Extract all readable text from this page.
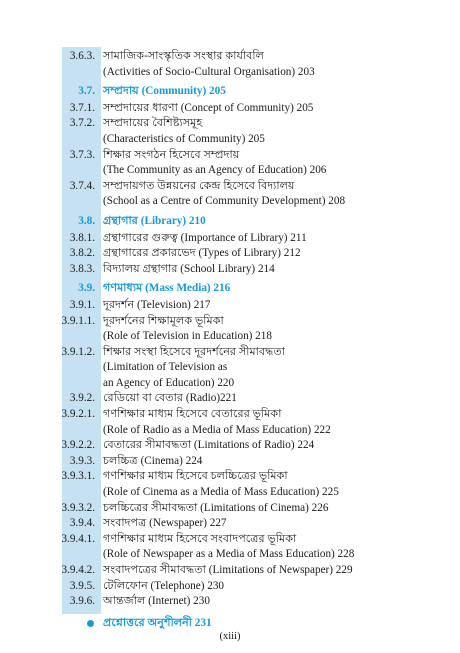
3.6.3. সামাজিক-সাংস্কৃতিক সংস্থার কার্যাবলি
(Activities of Socio-Cultural Organisation) 203
3.7. সম্প্রদায় (Community) 205
3.7.1. সম্প্রদায়ের ধারণা (Concept of Community) 205
3.7.2. সম্প্রদায়ের বৈশিষ্ট্যসমূহ
(Characteristics of Community) 205
3.7.3. শিক্ষার সংগঠন হিসেবে সম্প্রদায়
(The Community as an Agency of Education) 206
3.7.4. সম্প্রদায়গত উন্নয়নের কেন্দ্র হিসেবে বিদ্যালয়
(School as a Centre of Community Development) 208
3.8. গ্রন্থাগার (Library) 210
3.8.1. গ্রন্থাগারের গুরুত্ব (Importance of Library) 211
3.8.2. গ্রন্থাগারের প্রকারভেদ (Types of Library) 212
3.8.3. বিদ্যালয় গ্রন্থাগার (School Library) 214
3.9. গণমাধ্যম (Mass Media) 216
3.9.1. দূরদর্শন (Television) 217
3.9.1.1. দূরদর্শনের শিক্ষামূলক ভূমিকা
(Role of Television in Education) 218
3.9.1.2. শিক্ষার সংস্থা হিসেবে দূরদর্শনের সীমাবদ্ধতা
(Limitation of Television as
an Agency of Education) 220
3.9.2. রেডিয়ো বা বেতার (Radio)221
3.9.2.1. গণশিক্ষার মাধ্যম হিসেবে বেতারের ভূমিকা
(Role of Radio as a Media of Mass Education) 222
3.9.2.2. বেতারের সীমাবদ্ধতা (Limitations of Radio) 224
3.9.3. চলচ্চিত্র (Cinema) 224
3.9.3.1. গণশিক্ষার মাধ্যম হিসেবে চলচ্চিত্রের ভূমিকা
(Role of Cinema as a Media of Mass Education) 225
3.9.3.2. চলচ্চিত্রের সীমাবদ্ধতা (Limitations of Cinema) 226
3.9.4. সংবাদপত্র (Newspaper) 227
3.9.4.1. গণশিক্ষার মাধ্যম হিসেবে সংবাদপত্রের ভূমিকা
(Role of Newspaper as a Media of Mass Education) 228
3.9.4.2. সংবাদপত্রের সীমাবদ্ধতা (Limitations of Newspaper) 229
3.9.5. টেলিফোন (Telephone) 230
3.9.6. আন্তর্জাল (Internet) 230
প্রশ্নোত্তরে অনুশীলনী 231
(xiii)
